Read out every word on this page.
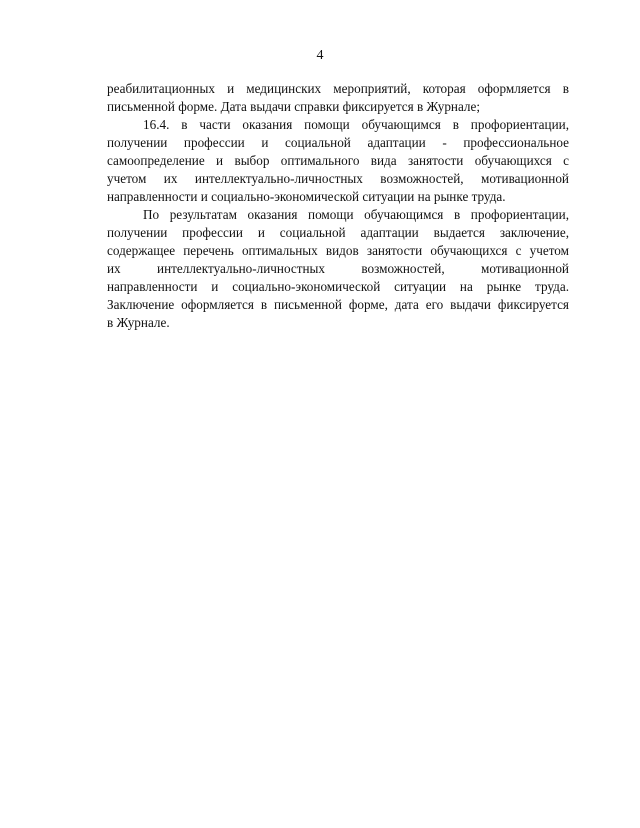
4
реабилитационных и медицинских мероприятий, которая оформляется в
письменной форме. Дата выдачи справки фиксируется в Журнале;
16.4. в части оказания помощи обучающимся в профориентации,
получении профессии и социальной адаптации - профессиональное
самоопределение и выбор оптимального вида занятости обучающихся с
учетом их интеллектуально-личностных возможностей, мотивационной
направленности и социально-экономической ситуации на рынке труда.
По результатам оказания помощи обучающимся в профориентации,
получении профессии и социальной адаптации выдается заключение,
содержащее перечень оптимальных видов занятости обучающихся с учетом
их интеллектуально-личностных возможностей, мотивационной
направленности и социально-экономической ситуации на рынке труда.
Заключение оформляется в письменной форме, дата его выдачи фиксируется
в Журнале.
